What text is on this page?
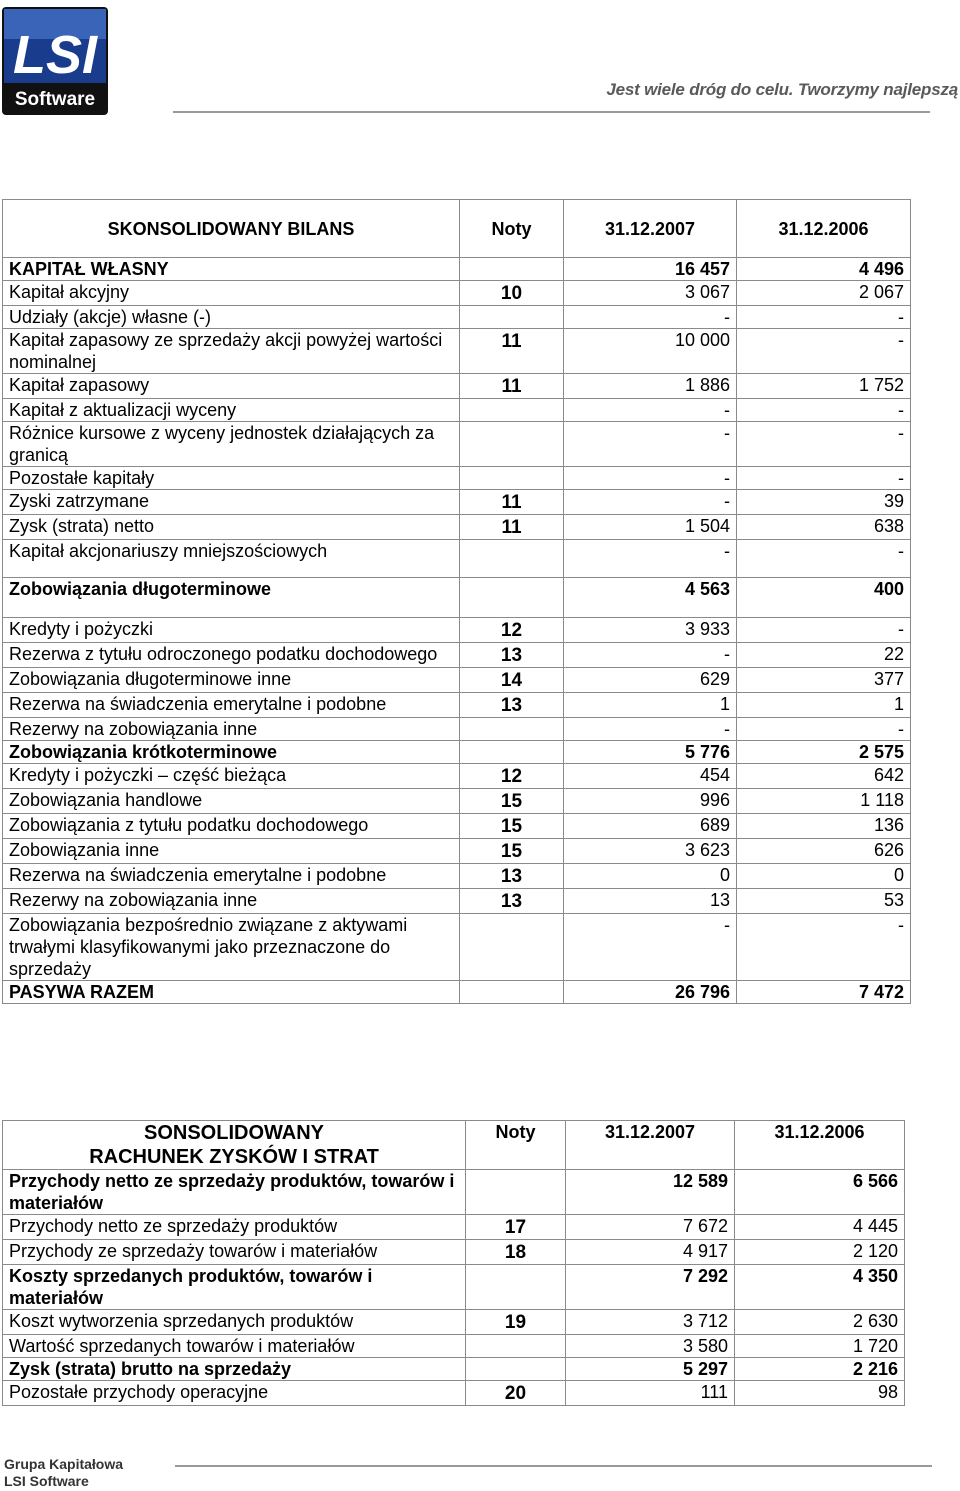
LSI
Software	Jest wiele dróg do celu. Tworzymy najlepszą
SKONSOLIDOWANY BILANS	Noty	31.12.2007	31.12.2006
KAPITAŁ WŁASNY		16 457	4 496
Kapitał akcyjny	10	3 067	2 067
Udziały (akcje) własne (-)		-	-
Kapitał zapasowy ze sprzedaży akcji powyżej wartości nominalnej	11	10 000	-
Kapitał zapasowy	11	1 886	1 752
Kapitał z aktualizacji wyceny		-	-
Różnice kursowe z wyceny jednostek działających za granicą		-	-
Pozostałe kapitały		-	-
Zyski zatrzymane	11	-	39
Zysk (strata) netto	11	1 504	638
Kapitał akcjonariuszy mniejszościowych		-	-
Zobowiązania długoterminowe		4 563	400
Kredyty i pożyczki	12	3 933	-
Rezerwa z tytułu odroczonego podatku dochodowego	13	-	22
Zobowiązania długoterminowe inne	14	629	377
Rezerwa na świadczenia emerytalne i podobne	13	1	1
Rezerwy na zobowiązania inne		-	-
Zobowiązania krótkoterminowe		5 776	2 575
Kredyty i pożyczki – część bieżąca	12	454	642
Zobowiązania handlowe	15	996	1 118
Zobowiązania z tytułu podatku dochodowego	15	689	136
Zobowiązania inne	15	3 623	626
Rezerwa na świadczenia emerytalne i podobne	13	0	0
Rezerwy na zobowiązania inne	13	13	53
Zobowiązania bezpośrednio związane z aktywami trwałymi klasyfikowanymi jako przeznaczone do sprzedaży		-	-
PASYWA RAZEM		26 796	7 472
SONSOLIDOWANY
RACHUNEK ZYSKÓW I STRAT	Noty	31.12.2007	31.12.2006
Przychody netto ze sprzedaży produktów, towarów i materiałów		12 589	6 566
Przychody netto ze sprzedaży produktów	17	7 672	4 445
Przychody ze sprzedaży towarów i materiałów	18	4 917	2 120
Koszty sprzedanych produktów, towarów i materiałów		7 292	4 350
Koszt wytworzenia sprzedanych produktów	19	3 712	2 630
Wartość sprzedanych towarów i materiałów		3 580	1 720
Zysk (strata) brutto na sprzedaży		5 297	2 216
Pozostałe przychody operacyjne	20	111	98
Grupa Kapitałowa
LSI Software
